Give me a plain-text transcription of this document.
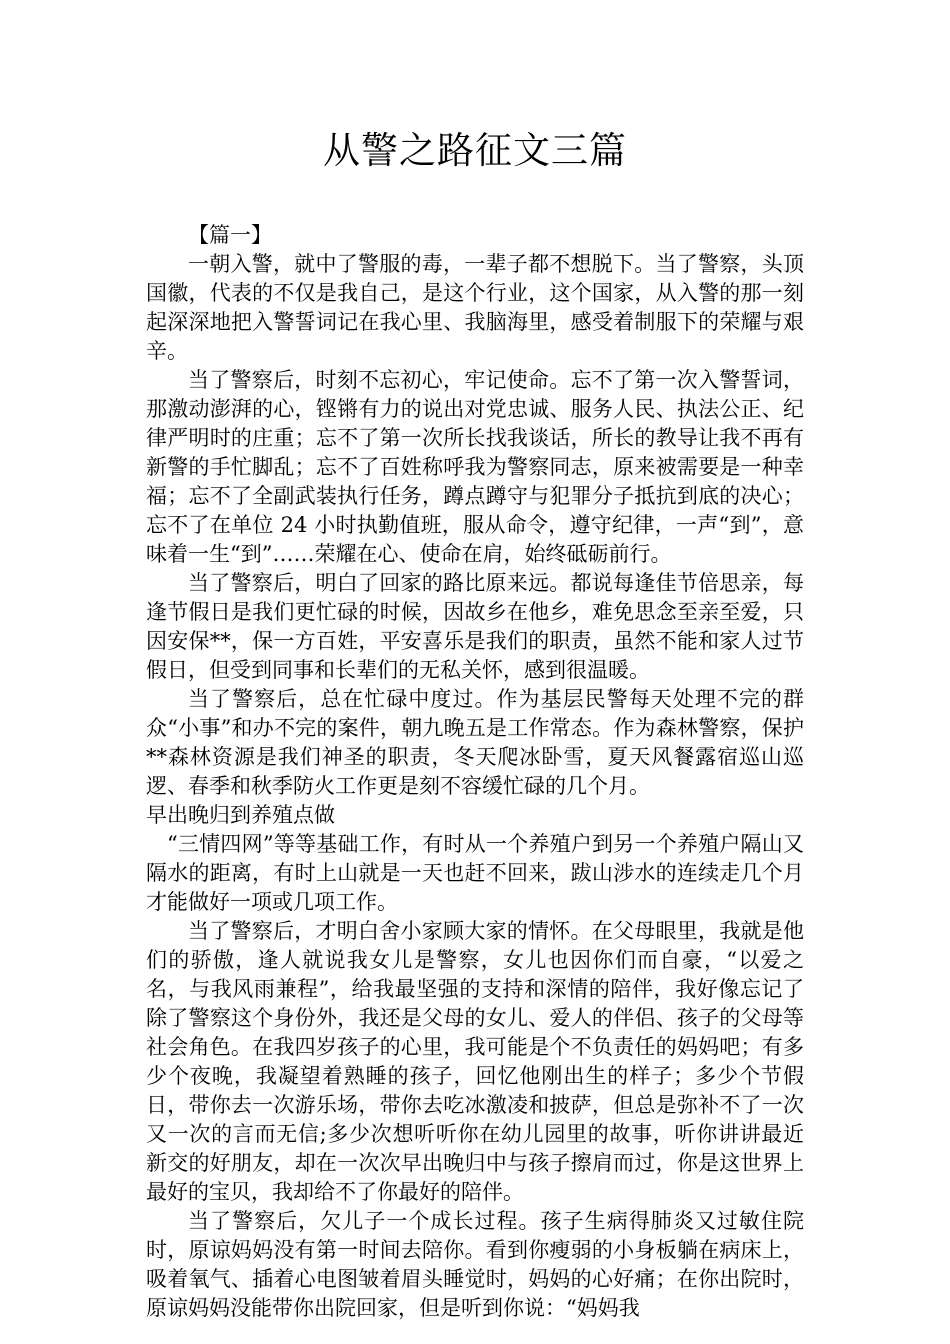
从警之路征文三篇

【篇一】

一朝入警，就中了警服的毒，一辈子都不想脱下。当了警察，头顶国徽，代表的不仅是我自己，是这个行业，这个国家，从入警的那一刻起深深地把入警誓词记在我心里、我脑海里，感受着制服下的荣耀与艰辛。

当了警察后，时刻不忘初心，牢记使命。忘不了第一次入警誓词，那激动澎湃的心，铿锵有力的说出对党忠诚、服务人民、执法公正、纪律严明时的庄重；忘不了第一次所长找我谈话，所长的教导让我不再有新警的手忙脚乱；忘不了百姓称呼我为警察同志，原来被需要是一种幸福；忘不了全副武装执行任务，蹲点蹲守与犯罪分子抵抗到底的决心；忘不了在单位 24 小时执勤值班，服从命令，遵守纪律，一声“到”，意味着一生“到”……荣耀在心、使命在肩，始终砥砺前行。

当了警察后，明白了回家的路比原来远。都说每逢佳节倍思亲，每逢节假日是我们更忙碌的时候，因故乡在他乡，难免思念至亲至爱，只因安保**，保一方百姓，平安喜乐是我们的职责，虽然不能和家人过节假日，但受到同事和长辈们的无私关怀，感到很温暖。

当了警察后，总在忙碌中度过。作为基层民警每天处理不完的群众“小事”和办不完的案件，朝九晚五是工作常态。作为森林警察，保护**森林资源是我们神圣的职责，冬天爬冰卧雪，夏天风餐露宿巡山巡逻、春季和秋季防火工作更是刻不容缓忙碌的几个月。

早出晚归到养殖点做

“三情四网”等等基础工作，有时从一个养殖户到另一个养殖户隔山又隔水的距离，有时上山就是一天也赶不回来，跋山涉水的连续走几个月才能做好一项或几项工作。

当了警察后，才明白舍小家顾大家的情怀。在父母眼里，我就是他们的骄傲，逢人就说我女儿是警察，女儿也因你们而自豪，“以爱之名，与我风雨兼程”，给我最坚强的支持和深情的陪伴，我好像忘记了除了警察这个身份外，我还是父母的女儿、爱人的伴侣、孩子的父母等社会角色。在我四岁孩子的心里，我可能是个不负责任的妈妈吧；有多少个夜晚，我凝望着熟睡的孩子，回忆他刚出生的样子；多少个节假日，带你去一次游乐场，带你去吃冰激凌和披萨，但总是弥补不了一次又一次的言而无信;多少次想听听你在幼儿园里的故事，听你讲讲最近新交的好朋友，却在一次次早出晚归中与孩子擦肩而过，你是这世界上最好的宝贝，我却给不了你最好的陪伴。

当了警察后，欠儿子一个成长过程。孩子生病得肺炎又过敏住院时，原谅妈妈没有第一时间去陪你。看到你瘦弱的小身板躺在病床上，吸着氧气、插着心电图皱着眉头睡觉时，妈妈的心好痛；在你出院时，原谅妈妈没能带你出院回家，但是听到你说：“妈妈我
